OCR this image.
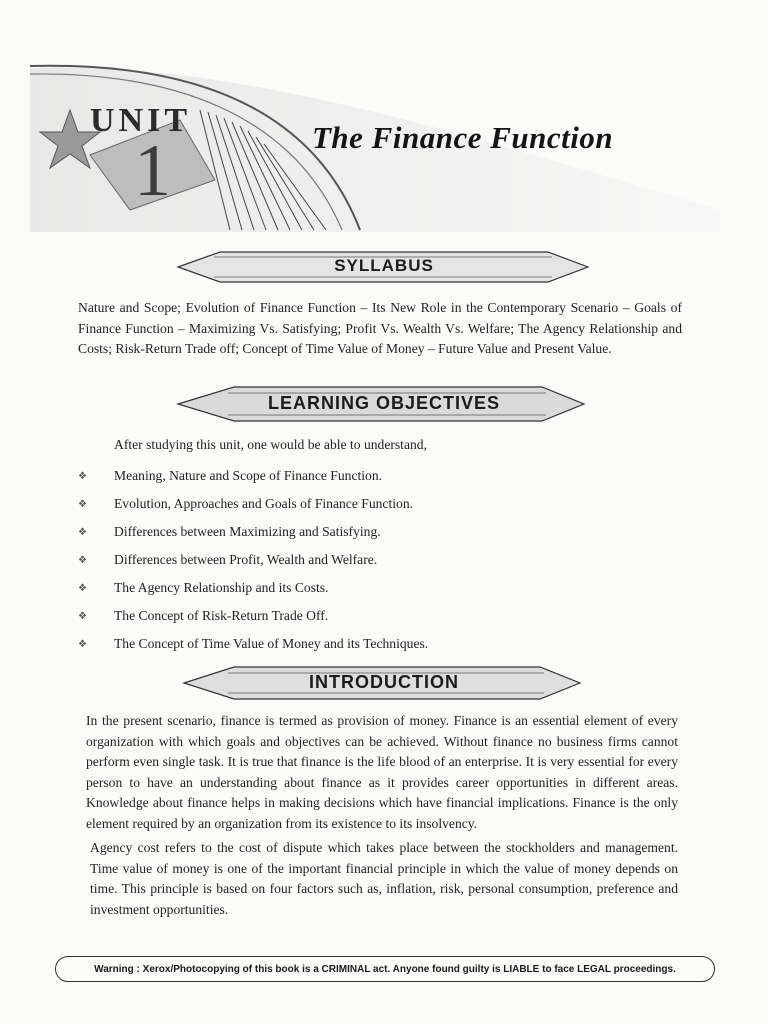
UNIT
1	The Finance Function
SYLLABUS
Nature and Scope; Evolution of Finance Function – Its New Role in the Contemporary Scenario – Goals of Finance Function – Maximizing Vs. Satisfying; Profit Vs. Wealth Vs. Welfare; The Agency Relationship and Costs; Risk-Return Trade off; Concept of Time Value of Money – Future Value and Present Value.
LEARNING OBJECTIVES
After studying this unit, one would be able to understand,
❖	Meaning, Nature and Scope of Finance Function.
❖	Evolution, Approaches and Goals of Finance Function.
❖	Differences between Maximizing and Satisfying.
❖	Differences between Profit, Wealth and Welfare.
❖	The Agency Relationship and its Costs.
❖	The Concept of Risk-Return Trade Off.
❖	The Concept of Time Value of Money and its Techniques.
INTRODUCTION
In the present scenario, finance is termed as provision of money. Finance is an essential element of every organization with which goals and objectives can be achieved. Without finance no business firms cannot perform even single task. It is true that finance is the life blood of an enterprise. It is very essential for every person to have an understanding about finance as it provides career opportunities in different areas. Knowledge about finance helps in making decisions which have financial implications. Finance is the only element required by an organization from its existence to its insolvency.
Agency cost refers to the cost of dispute which takes place between the stockholders and management. Time value of money is one of the important financial principle in which the value of money depends on time. This principle is based on four factors such as, inflation, risk, personal consumption, preference and investment opportunities.
Warning : Xerox/Photocopying of this book is a CRIMINAL act. Anyone found guilty is LIABLE to face LEGAL proceedings.
